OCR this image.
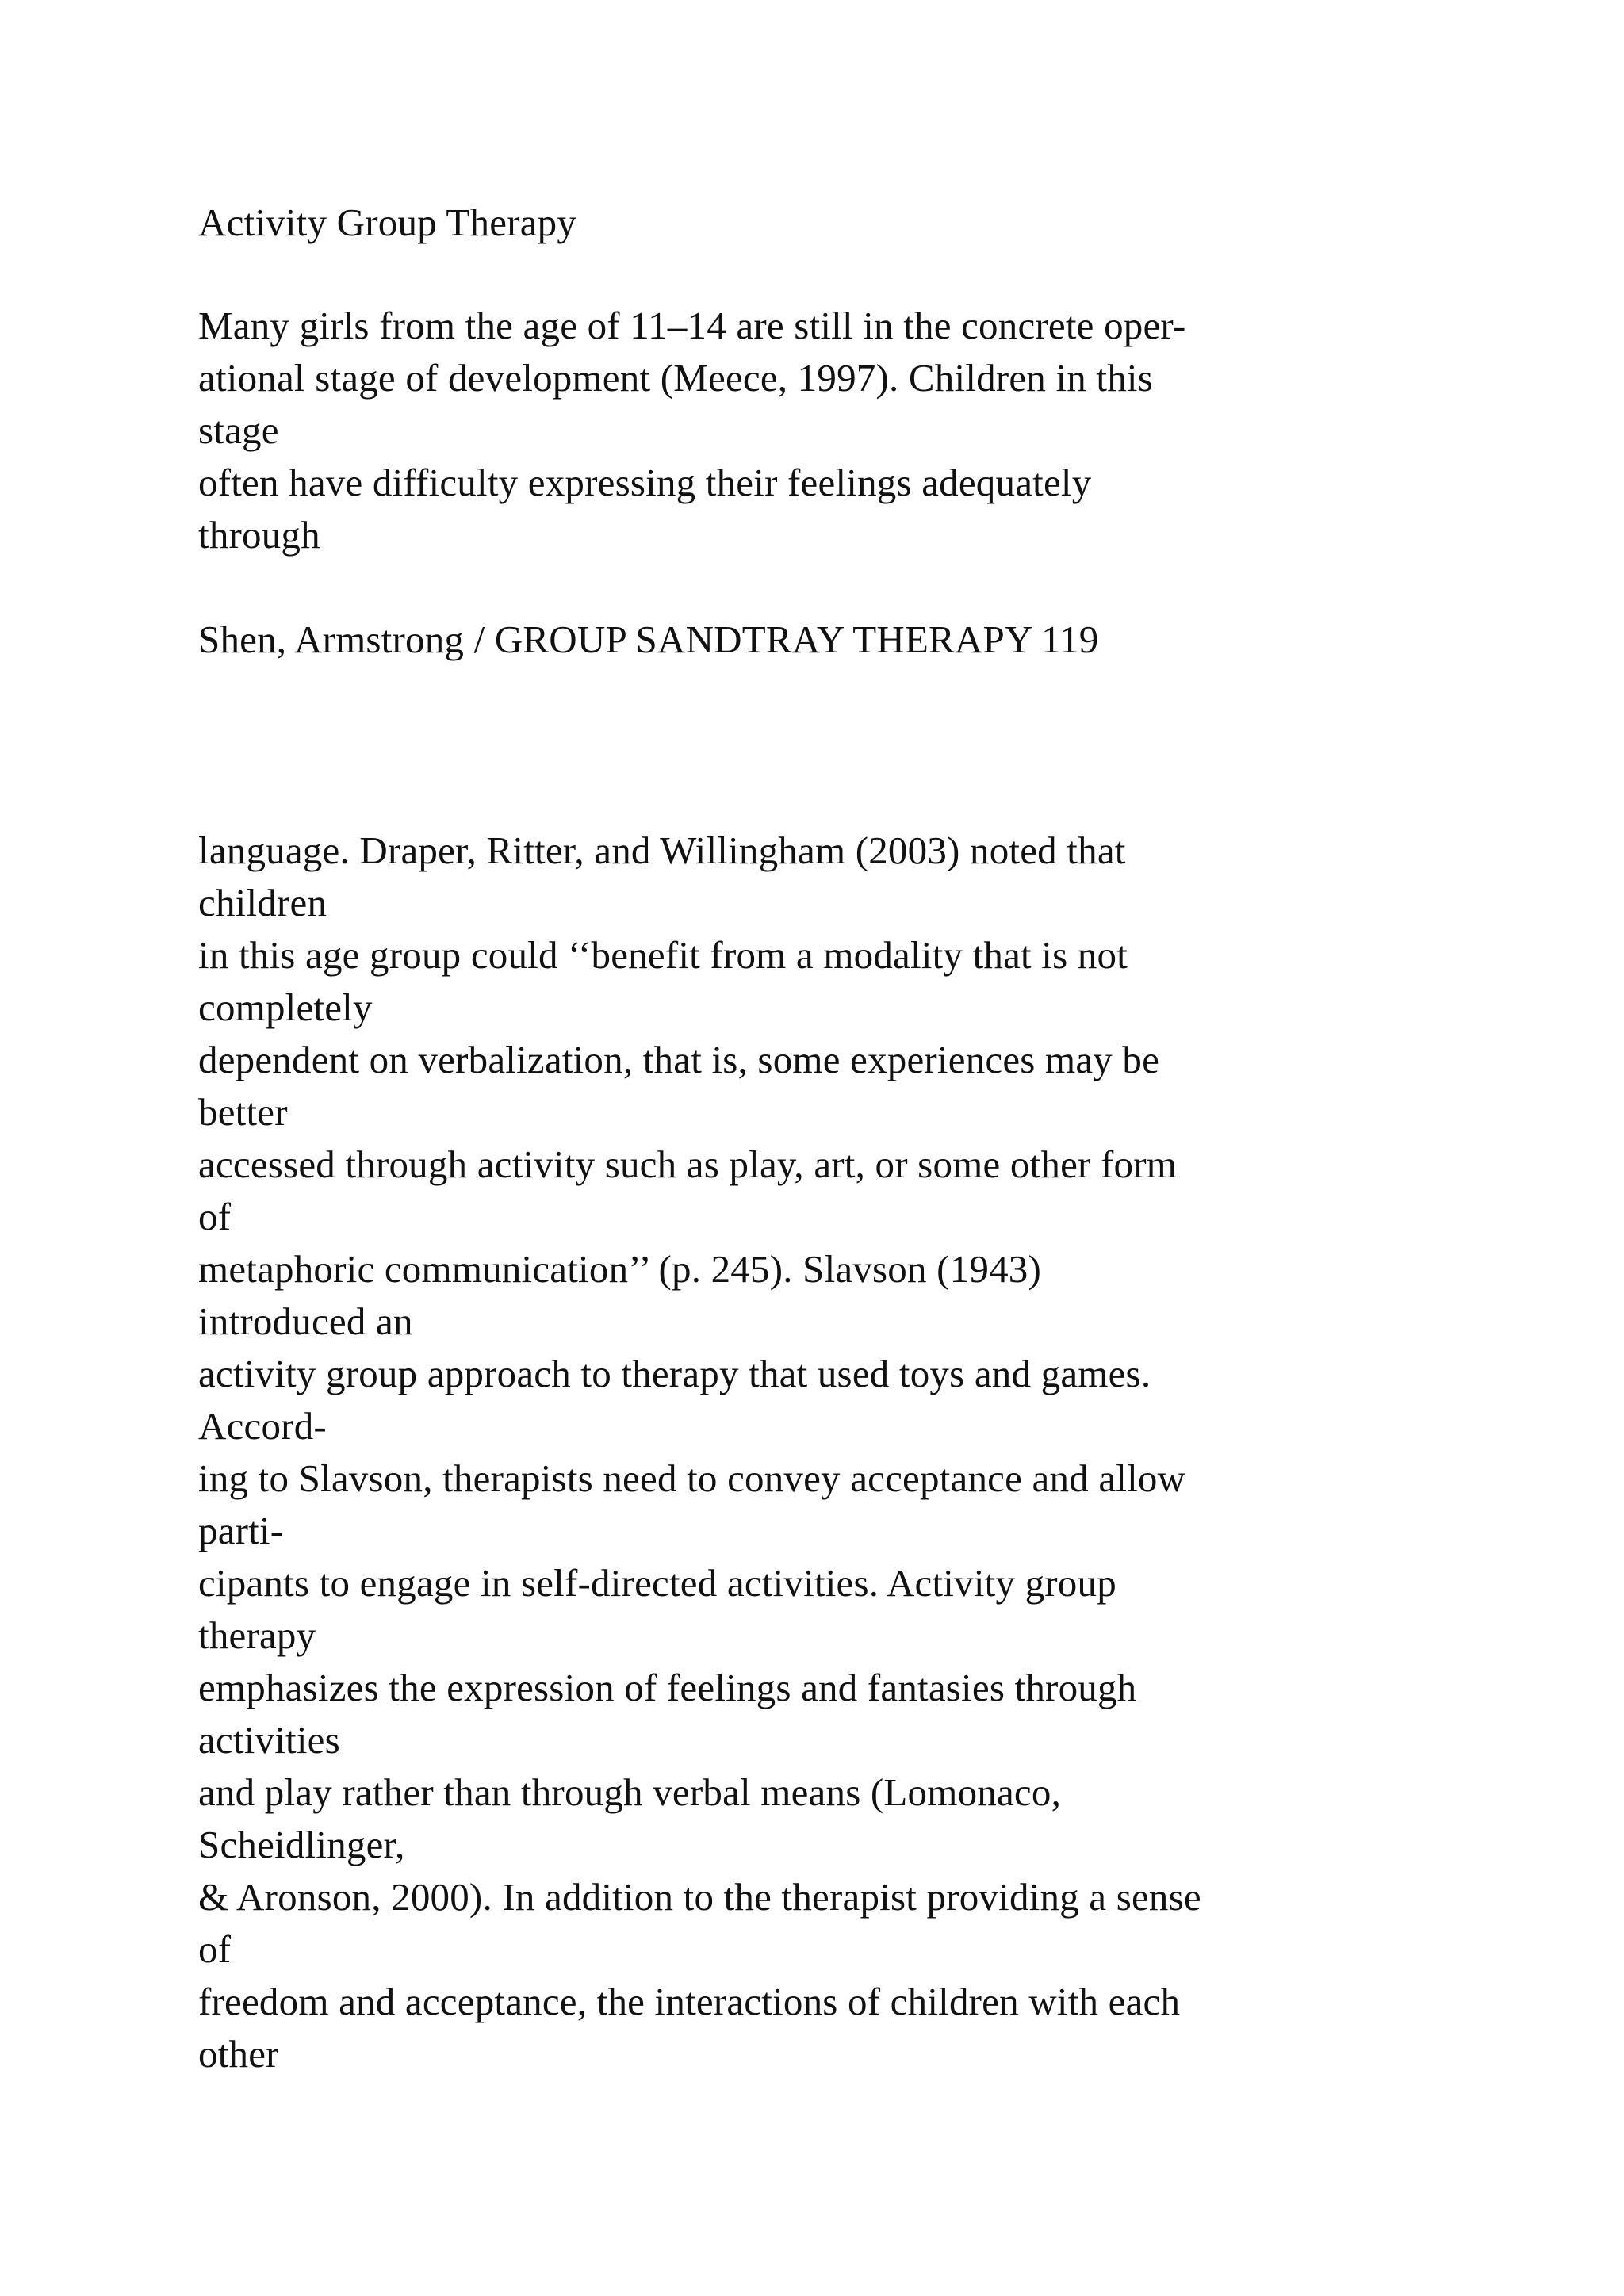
Activity Group Therapy
Many girls from the age of 11–14 are still in the concrete oper-
ational stage of development (Meece, 1997). Children in this
stage
often have difficulty expressing their feelings adequately
through
Shen, Armstrong / GROUP SANDTRAY THERAPY 119
language. Draper, Ritter, and Willingham (2003) noted that
children
in this age group could ‘‘benefit from a modality that is not
completely
dependent on verbalization, that is, some experiences may be
better
accessed through activity such as play, art, or some other form
of
metaphoric communication’’ (p. 245). Slavson (1943)
introduced an
activity group approach to therapy that used toys and games.
Accord-
ing to Slavson, therapists need to convey acceptance and allow
parti-
cipants to engage in self-directed activities. Activity group
therapy
emphasizes the expression of feelings and fantasies through
activities
and play rather than through verbal means (Lomonaco,
Scheidlinger,
& Aronson, 2000). In addition to the therapist providing a sense
of
freedom and acceptance, the interactions of children with each
other
